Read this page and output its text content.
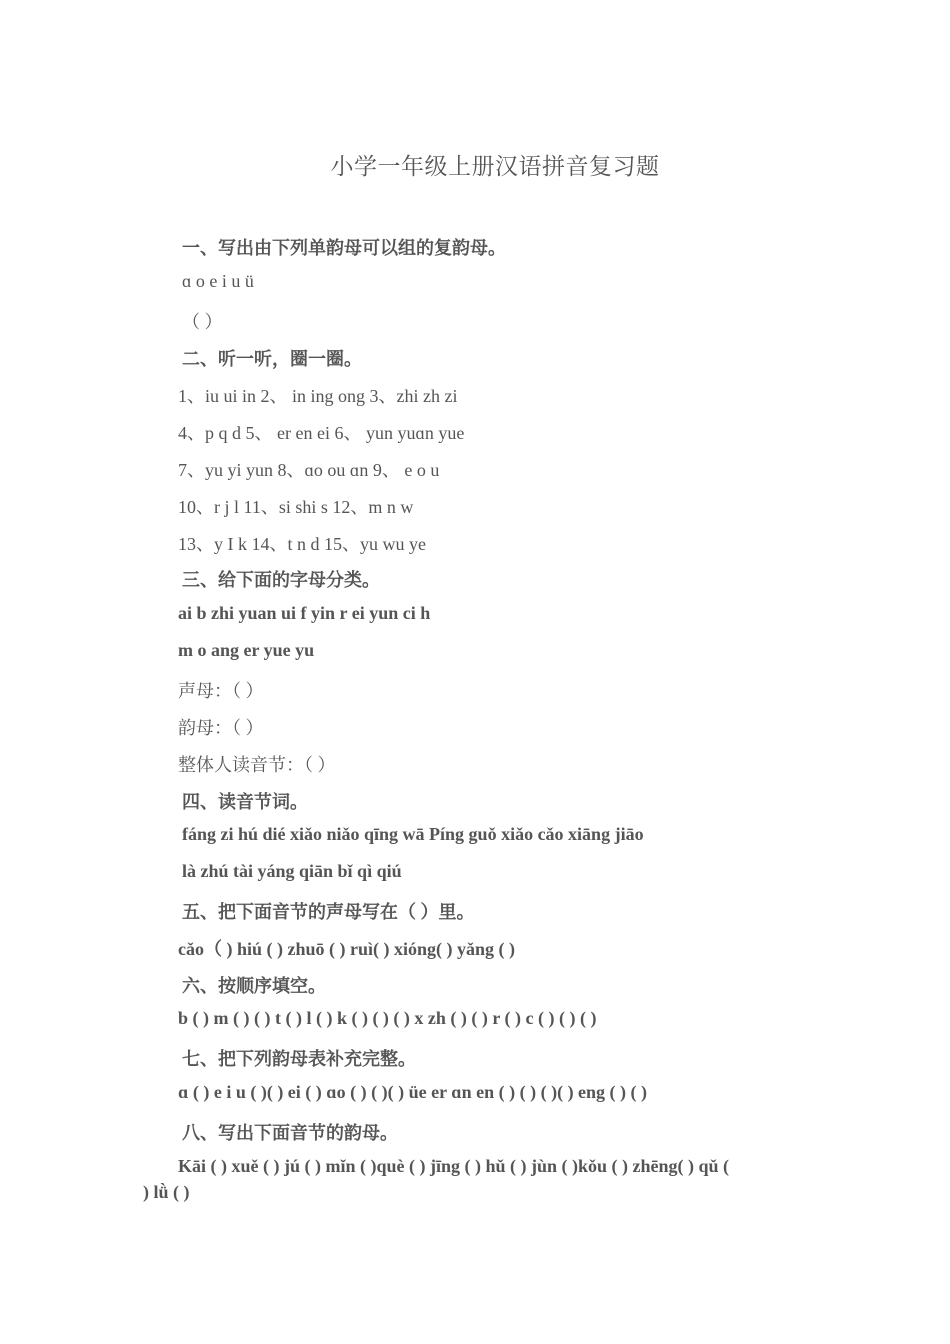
小学一年级上册汉语拼音复习题
一、写出由下列单韵母可以组的复韵母。
ɑ o e i u ü
（ ）
二、听一听，圈一圈。
1、iu ui in 2、 in ing ong 3、zhi zh zi
4、p q d 5、 er en ei 6、 yun yuɑn yue
7、yu yi yun 8、ɑo ou ɑn 9、 e o u
10、r j l 11、si shi s 12、m n w
13、y I k 14、t n d 15、yu wu ye
三、给下面的字母分类。
ai b zhi yuan ui f yin r ei yun ci h
m o ang er yue yu
声母：（ ）
韵母：（ ）
整体人读音节：（ ）
四、读音节词。
fáng zi hú dié xiǎo niǎo qīng wā Píng guǒ xiǎo cǎo xiāng jiāo
là zhú tài yáng qiān bǐ qì qiú
五、把下面音节的声母写在（ ）里。
cǎo（ ) hiú ( ) zhuō ( ) ruì( ) xióng( ) yǎng ( )
六、按顺序填空。
b ( ) m ( ) ( ) t ( ) l ( ) k ( ) ( ) ( ) x zh ( ) ( ) r ( ) c ( ) ( ) ( )
七、把下列韵母表补充完整。
ɑ ( ) e i u ( )( ) ei ( ) ɑo ( ) ( )( ) üe er ɑn en ( ) ( ) ( )( ) eng ( ) ( )
八、写出下面音节的韵母。
Kāi ( ) xuě ( ) jú ( ) mǐn ( )què ( ) jīng ( ) hǔ ( ) jùn ( )kǒu ( ) zhēng( ) qǔ (
) lǜ ( )
